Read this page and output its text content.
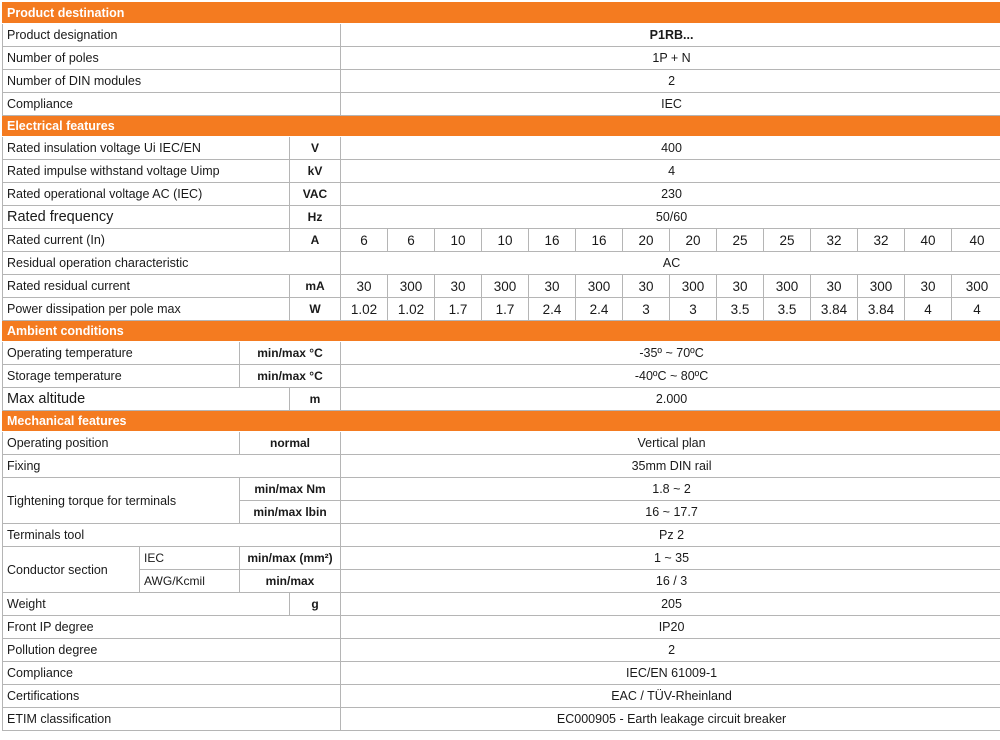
Product destination																	
Product designation				P1RB...													
Number of poles				1P + N													
Number of DIN modules				2													
Compliance				IEC													
Electrical features																	
Rated insulation voltage Ui IEC/EN			V	400													
Rated impulse withstand voltage Uimp			kV	4													
Rated operational voltage AC (IEC)			VAC	230													
Rated frequency			Hz	50/60													
Rated current (In)			A	6	6	10	10	16	16	20	20	25	25	32	32	40	40
Residual operation characteristic				AC													
Rated residual current			mA	30	300	30	300	30	300	30	300	30	300	30	300	30	300
Power dissipation per pole max			W	1.02	1.02	1.7	1.7	2.4	2.4	3	3	3.5	3.5	3.84	3.84	4	4
Ambient conditions																	
Operating temperature		min/max °C		-35º ~ 70ºC													
Storage temperature		min/max °C		-40ºC ~ 80ºC													
Max altitude			m	2.000													
Mechanical features																	
Operating position		normal		Vertical plan													
Fixing				35mm DIN rail													
Tightening torque for terminals		min/max Nm		1.8 ~ 2													
		min/max lbin		16 ~ 17.7													
Terminals tool				Pz 2													
Conductor section	IEC	min/max (mm²)		1 ~ 35													
	AWG/Kcmil	min/max		16 / 3													
Weight			g	205													
Front IP degree				IP20													
Pollution degree				2													
Compliance				IEC/EN 61009-1													
Certifications				EAC / TÜV-Rheinland													
ETIM classification				EC000905 - Earth leakage circuit breaker													
